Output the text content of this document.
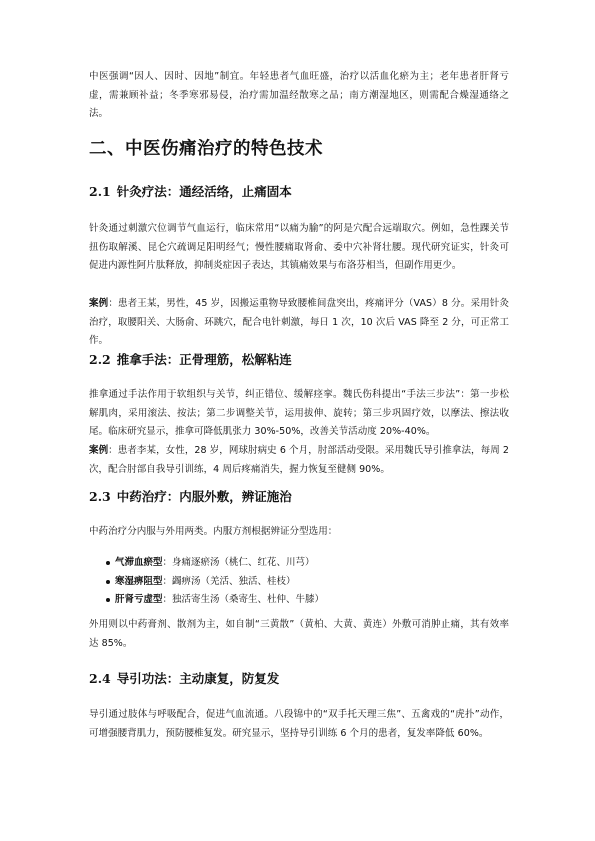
中医强调“因人、因时、因地”制宜。年轻患者气血旺盛，治疗以活血化瘀为主；老年患者肝肾亏虚，需兼顾补益；冬季寒邪易侵，治疗需加温经散寒之品；南方潮湿地区，则需配合燥湿通络之法。

二、中医伤痛治疗的特色技术
2.1 针灸疗法：通经活络，止痛固本

针灸通过刺激穴位调节气血运行，临床常用“以痛为腧”的阿是穴配合远端取穴。例如，急性踝关节扭伤取解溪、昆仑穴疏调足阳明经气；慢性腰痛取肾俞、委中穴补肾壮腰。现代研究证实，针灸可促进内源性阿片肽释放，抑制炎症因子表达，其镇痛效果与布洛芬相当，但副作用更少。

案例：患者王某，男性，45 岁，因搬运重物导致腰椎间盘突出，疼痛评分（VAS）8 分。采用针灸治疗，取腰阳关、大肠俞、环跳穴，配合电针刺激，每日 1 次，10 次后 VAS 降至 2 分，可正常工作。

2.2 推拿手法：正骨理筋，松解粘连

推拿通过手法作用于软组织与关节，纠正错位、缓解痉挛。魏氏伤科提出“手法三步法”：第一步松解肌肉，采用滚法、按法；第二步调整关节，运用拔伸、旋转；第三步巩固疗效，以摩法、擦法收尾。临床研究显示，推拿可降低肌张力 30%-50%，改善关节活动度 20%-40%。

案例：患者李某，女性，28 岁，网球肘病史 6 个月，肘部活动受限。采用魏氏导引推拿法，每周 2 次，配合肘部自我导引训练，4 周后疼痛消失，握力恢复至健侧 90%。

2.3 中药治疗：内服外敷，辨证施治

中药治疗分内服与外用两类。内服方剂根据辨证分型选用：

气滞血瘀型：身痛逐瘀汤（桃仁、红花、川芎）
寒湿痹阻型：蠲痹汤（羌活、独活、桂枝）
肝肾亏虚型：独活寄生汤（桑寄生、杜仲、牛膝）

外用则以中药膏剂、散剂为主，如自制“三黄散”（黄柏、大黄、黄连）外敷可消肿止痛，其有效率达 85%。

2.4 导引功法：主动康复，防复发

导引通过肢体与呼吸配合，促进气血流通。八段锦中的“双手托天理三焦”、五禽戏的“虎扑”动作，可增强腰背肌力，预防腰椎复发。研究显示，坚持导引训练 6 个月的患者，复发率降低 60%。
